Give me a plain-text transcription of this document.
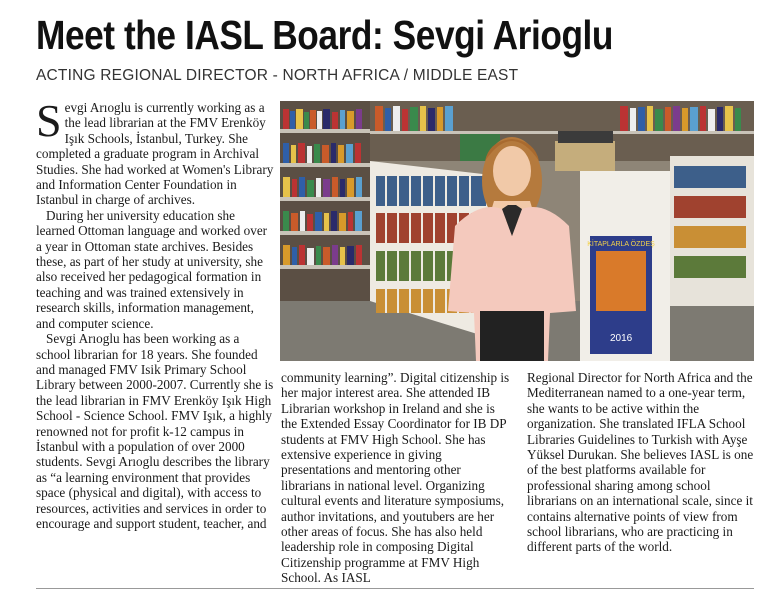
Meet the IASL Board: Sevgi Arioglu
ACTING REGIONAL DIRECTOR - NORTH AFRICA / MIDDLE EAST

Sevgi Arıoglu is currently working as a the lead librarian at the FMV Erenköy Işık Schools, İstanbul, Turkey. She completed a graduate program in Archival Studies. She had worked at Women's Library and Information Center Foundation in Istanbul in charge of archives.

During her university education she learned Ottoman language and worked over a year in Ottoman state archives. Besides these, as part of her study at university, she also received her pedagogical formation in teaching and was trained extensively in research skills, information management, and computer science.

Sevgi Arıoglu has been working as a school librarian for 18 years. She founded and managed FMV Isik Primary School Library between 2000-2007. Currently she is the lead librarian in FMV Erenköy Işık High School - Science School. FMV Işık, a highly renowned not for profit k-12 campus in İstanbul with a population of over 2000 students. Sevgi Arıoglu describes the library as “a learning environment that provides space (physical and digital), with access to resources, activities and services in order to encourage and support student, teacher, and

KİTAPLARLA ÖZDEŞ
2016

community learning”. Digital citizenship is her major interest area. She attended IB Librarian workshop in Ireland and she is the Extended Essay Coordinator for IB DP students at FMV High School. She has extensive experience in giving presentations and mentoring other librarians in national level. Organizing cultural events and literature symposiums, author invitations, and youtubers are her other areas of focus. She has also held leadership role in composing Digital Citizenship programme at FMV High School. As IASL

Regional Director for North Africa and the Mediterranean named to a one-year term, she wants to be active within the organization. She translated IFLA School Libraries Guidelines to Turkish with Ayşe Yüksel Durukan. She believes IASL is one of the best platforms available for professional sharing among school librarians on an international scale, since it contains alternative points of view from school librarians, who are practicing in different parts of the world.
